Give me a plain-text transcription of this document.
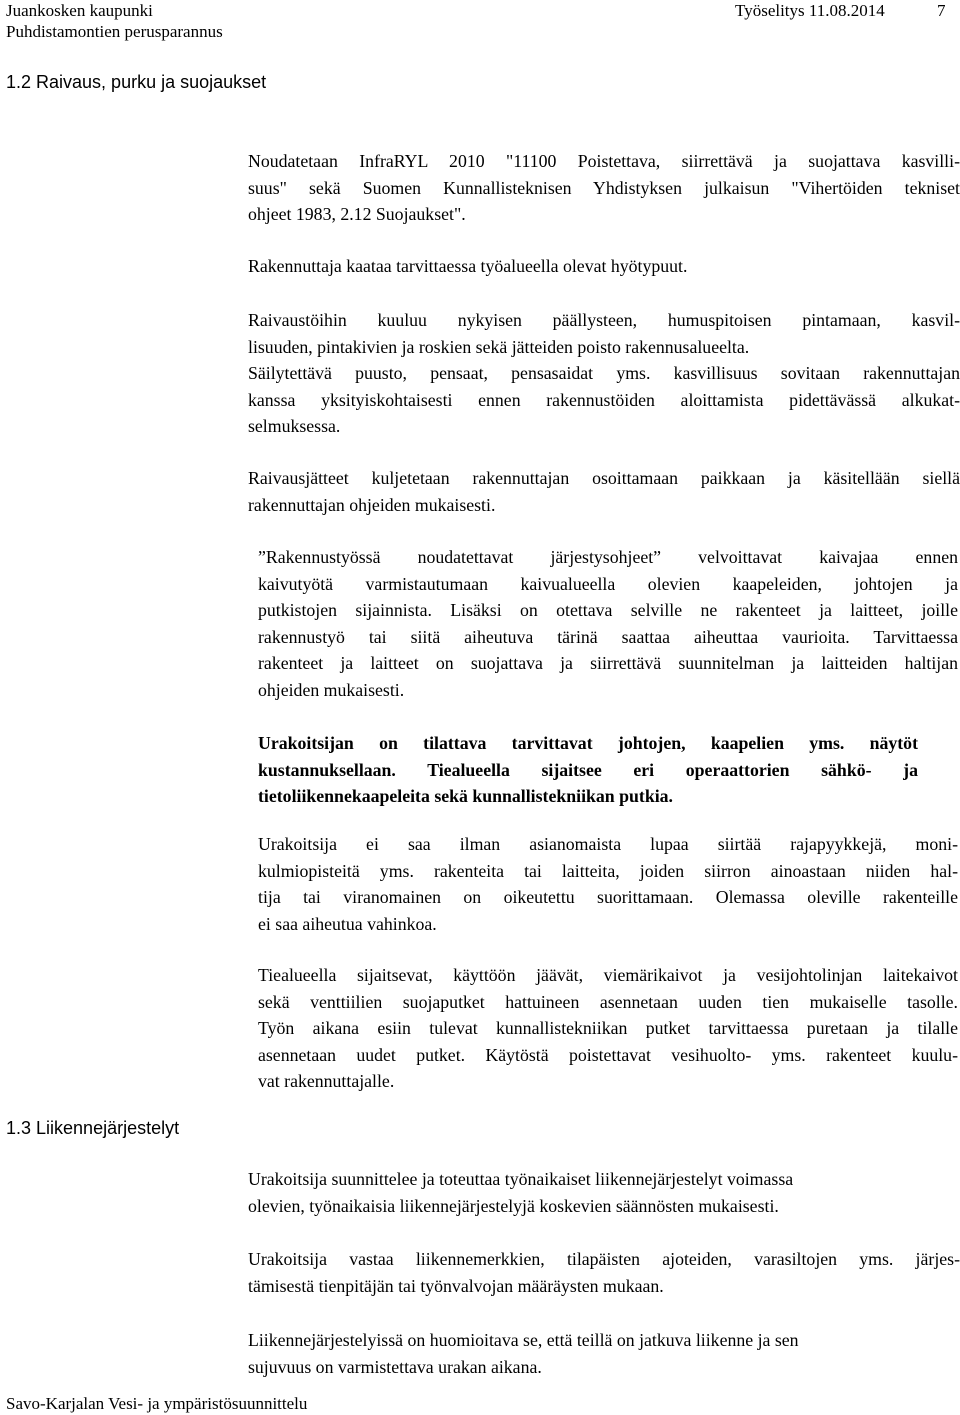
Juankosken kaupunki
Puhdistamontien perusparannus
Työselitys 11.08.2014	7
1.2 Raivaus, purku ja suojaukset
Noudatetaan InfraRYL 2010 "11100 Poistettava, siirrettävä ja suojattava kasvilli-
suus" sekä Suomen Kunnallisteknisen Yhdistyksen julkaisun "Vihertöiden tekniset
ohjeet 1983, 2.12 Suojaukset".
Rakennuttaja kaataa tarvittaessa työalueella olevat hyötypuut.
Raivaustöihin kuuluu nykyisen päällysteen, humuspitoisen pintamaan, kasvil-
lisuuden, pintakivien ja roskien sekä jätteiden poisto rakennusalueelta.
Säilytettävä puusto, pensaat, pensasaidat yms. kasvillisuus sovitaan rakennuttajan
kanssa yksityiskohtaisesti ennen rakennustöiden aloittamista pidettävässä alkukat-
selmuksessa.
Raivausjätteet kuljetetaan rakennuttajan osoittamaan paikkaan ja käsitellään siellä
rakennuttajan ohjeiden mukaisesti.
”Rakennustyössä noudatettavat järjestysohjeet” velvoittavat kaivajaa ennen
kaivutyötä varmistautumaan kaivualueella olevien kaapeleiden, johtojen ja
putkistojen sijainnista. Lisäksi on otettava selville ne rakenteet ja laitteet, joille
rakennustyö tai siitä aiheutuva tärinä saattaa aiheuttaa vaurioita. Tarvittaessa
rakenteet ja laitteet on suojattava ja siirrettävä suunnitelman ja laitteiden haltijan
ohjeiden mukaisesti.
Urakoitsijan on tilattava tarvittavat johtojen, kaapelien yms. näytöt
kustannuksellaan. Tiealueella sijaitsee eri operaattorien sähkö- ja
tietoliikennekaapeleita sekä kunnallistekniikan putkia.
Urakoitsija ei saa ilman asianomaista lupaa siirtää rajapyykkejä, moni-
kulmiopisteitä yms. rakenteita tai laitteita, joiden siirron ainoastaan niiden hal-
tija tai viranomainen on oikeutettu suorittamaan. Olemassa oleville rakenteille
ei saa aiheutua vahinkoa.
Tiealueella sijaitsevat, käyttöön jäävät, viemärikaivot ja vesijohtolinjan laitekaivot
sekä venttiilien suojaputket hattuineen asennetaan uuden tien mukaiselle tasolle.
Työn aikana esiin tulevat kunnallistekniikan putket tarvittaessa puretaan ja tilalle
asennetaan uudet putket. Käytöstä poistettavat vesihuolto- yms. rakenteet kuulu-
vat rakennuttajalle.
1.3 Liikennejärjestelyt
Urakoitsija suunnittelee ja toteuttaa työnaikaiset liikennejärjestelyt voimassa
olevien, työnaikaisia liikennejärjestelyjä koskevien säännösten mukaisesti.
Urakoitsija vastaa liikennemerkkien, tilapäisten ajoteiden, varasiltojen yms. järjes-
tämisestä tienpitäjän tai työnvalvojan määräysten mukaan.
Liikennejärjestelyissä on huomioitava se, että teillä on jatkuva liikenne ja sen
sujuvuus on varmistettava urakan aikana.
Savo-Karjalan Vesi- ja ympäristösuunnittelu
